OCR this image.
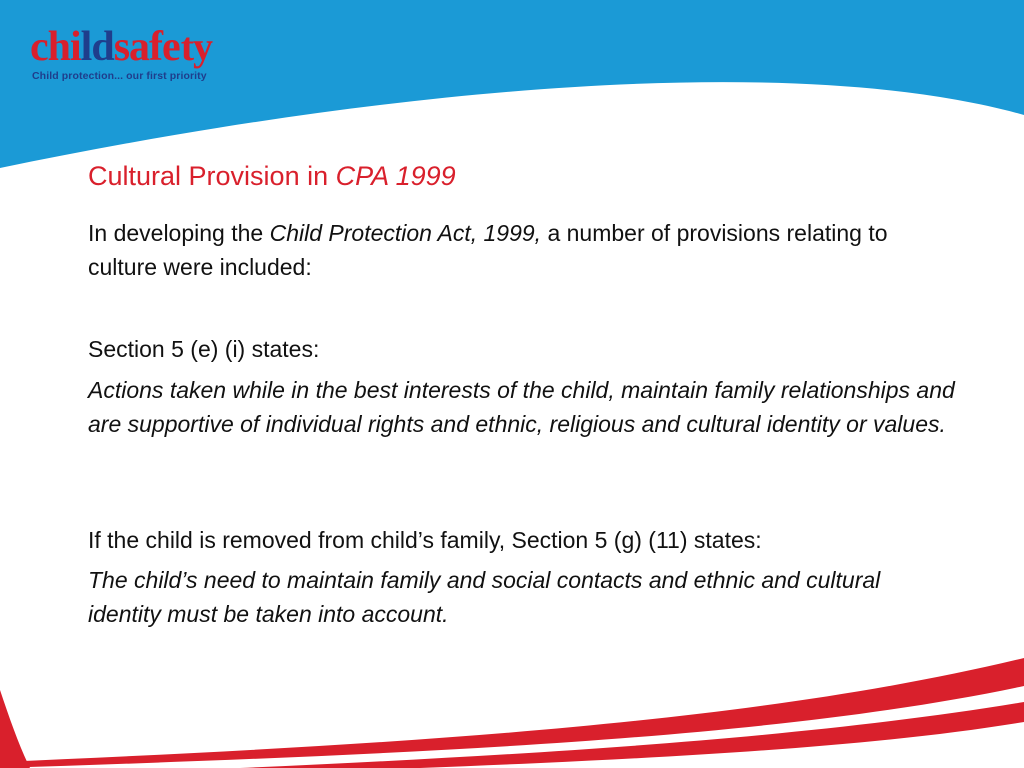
childsafety
Child protection... our first priority
Cultural Provision in CPA 1999

In developing the Child Protection Act, 1999, a number of provisions relating to culture were included:

Section 5 (e) (i) states:

Actions taken while in the best interests of the child, maintain family relationships and are supportive of individual rights and ethnic, religious and cultural identity or values.

If the child is removed from child’s family, Section 5 (g) (11) states:

The child’s need to maintain family and social contacts and ethnic and cultural identity must be taken into account.
